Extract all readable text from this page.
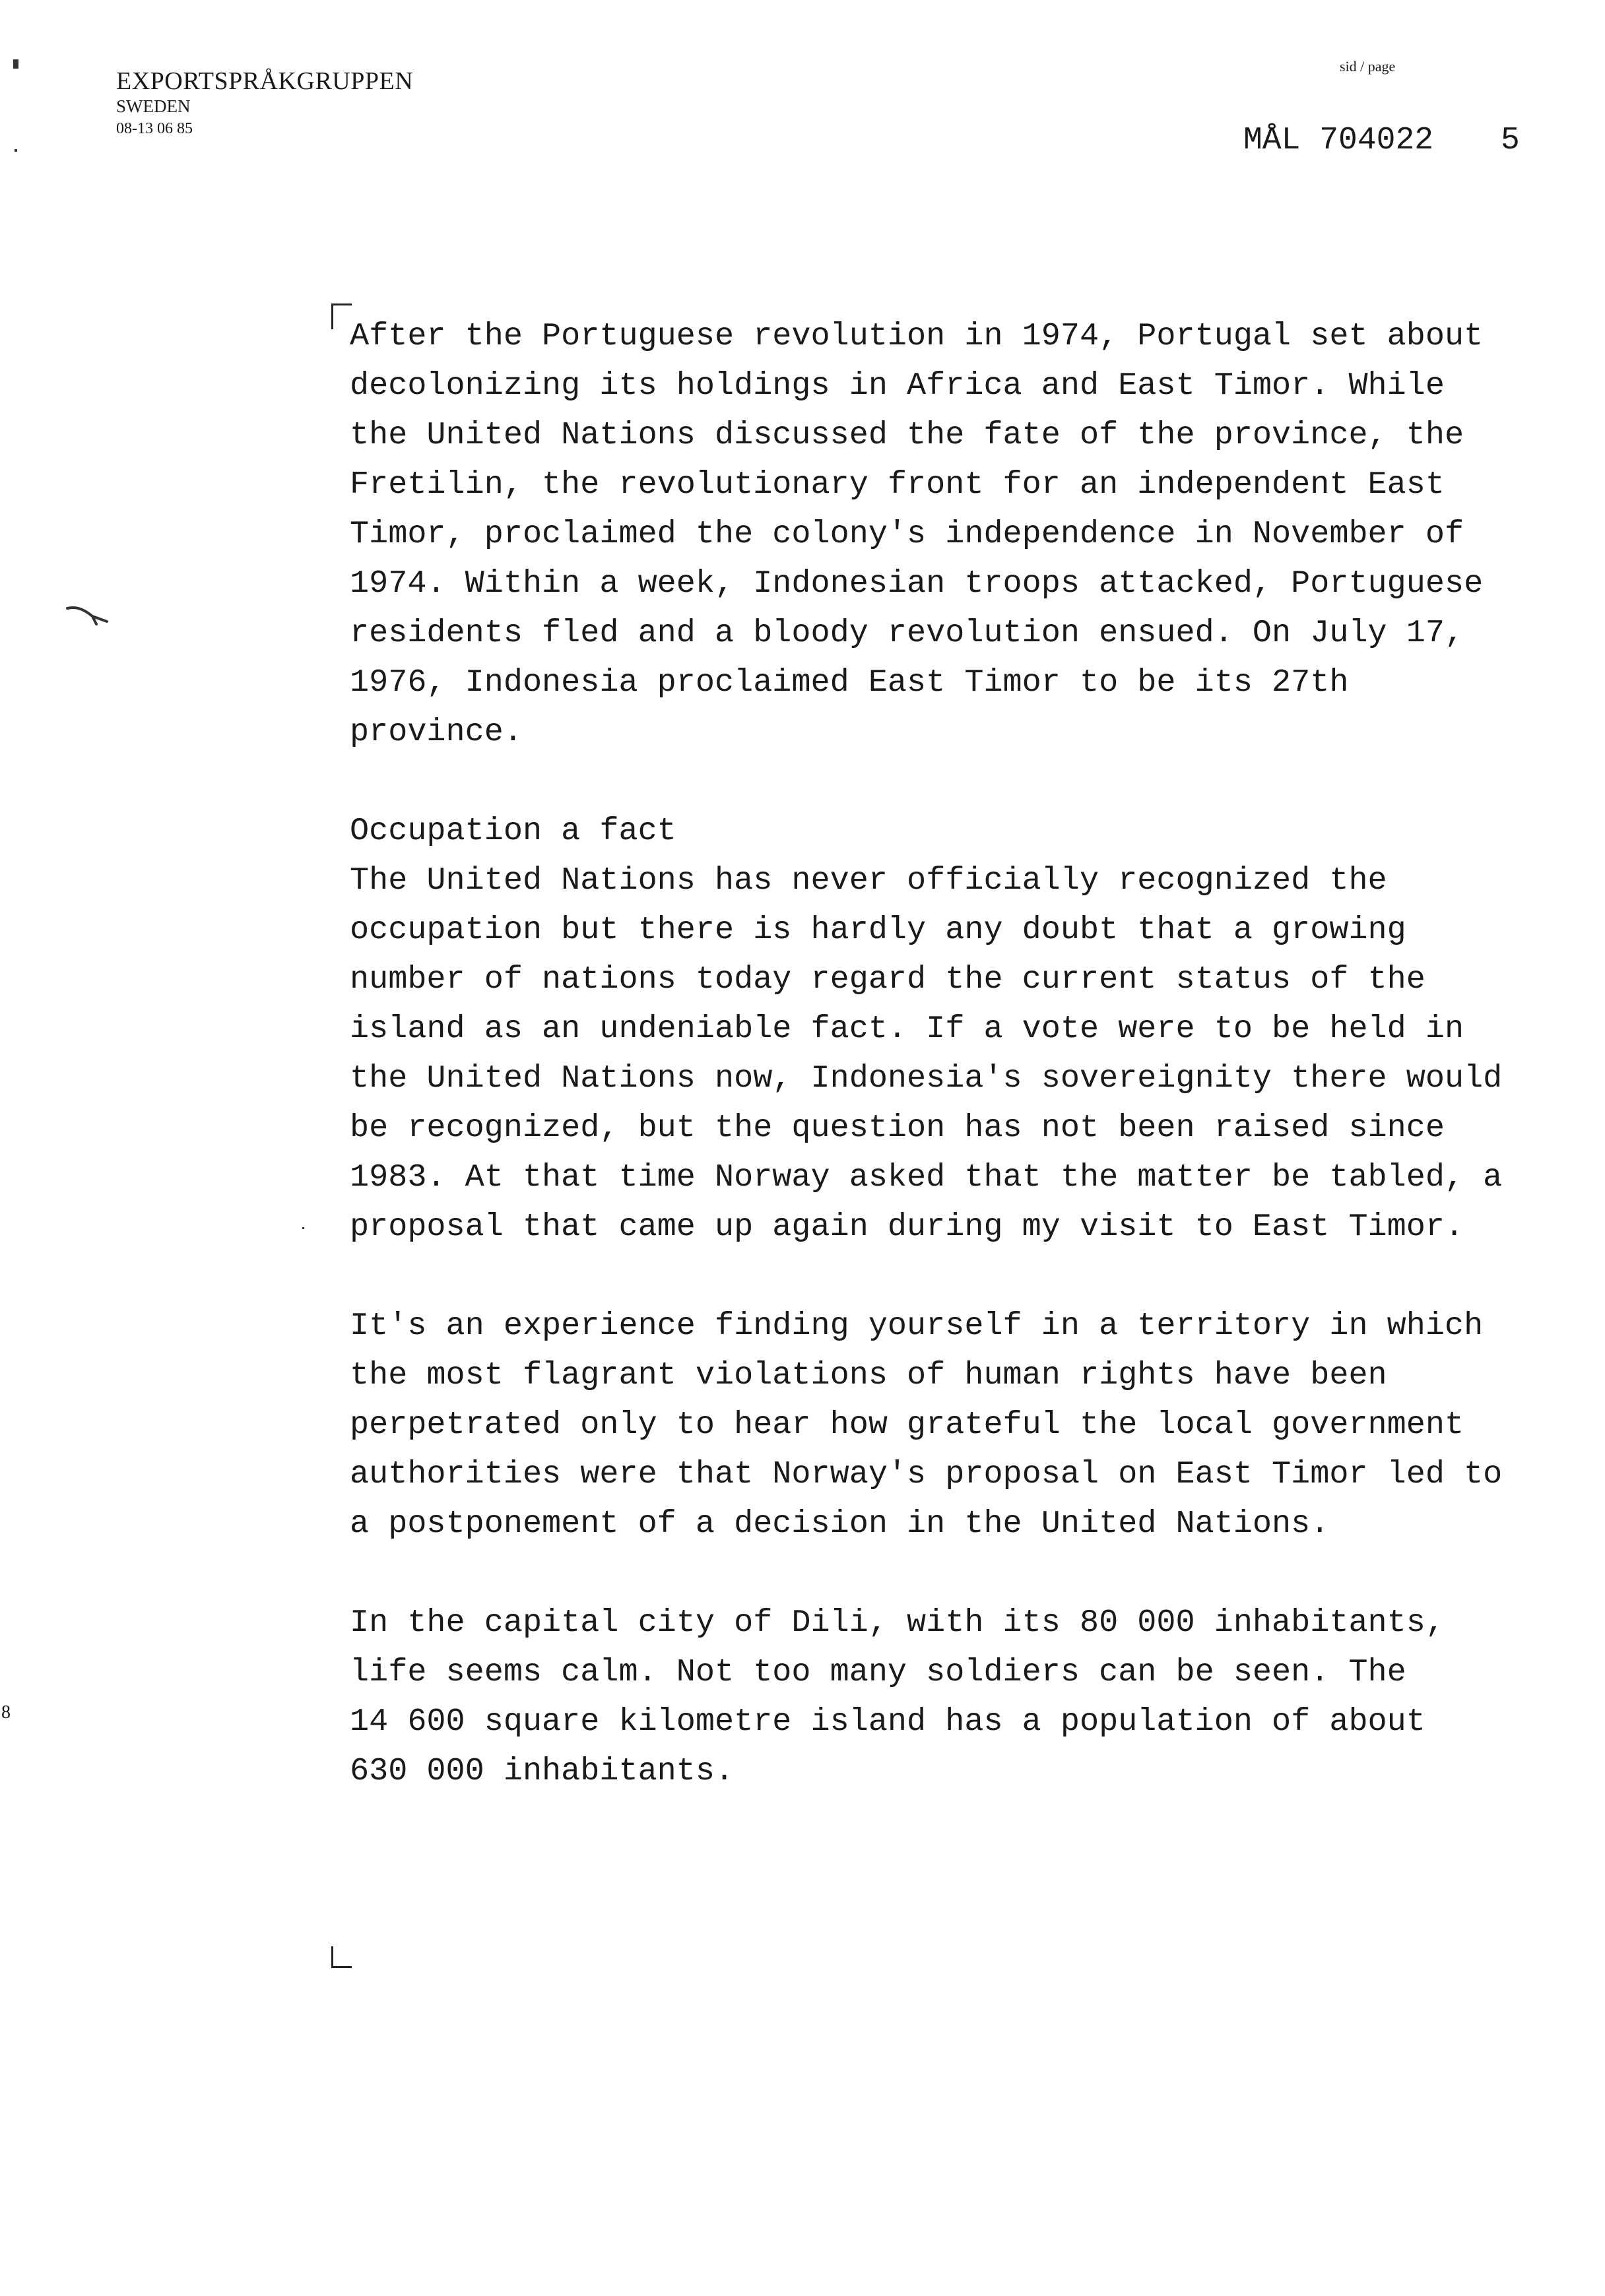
EXPORTSPRÅKGRUPPEN
SWEDEN
08-13 06 85
sid / page
MÅL 704022 5
8

After the Portuguese revolution in 1974, Portugal set about
decolonizing its holdings in Africa and East Timor. While
the United Nations discussed the fate of the province, the
Fretilin, the revolutionary front for an independent East
Timor, proclaimed the colony's independence in November of
1974. Within a week, Indonesian troops attacked, Portuguese
residents fled and a bloody revolution ensued. On July 17,
1976, Indonesia proclaimed East Timor to be its 27th
province.

Occupation a fact

The United Nations has never officially recognized the
occupation but there is hardly any doubt that a growing
number of nations today regard the current status of the
island as an undeniable fact. If a vote were to be held in
the United Nations now, Indonesia's sovereignity there would
be recognized, but the question has not been raised since
1983. At that time Norway asked that the matter be tabled, a
proposal that came up again during my visit to East Timor.

It's an experience finding yourself in a territory in which
the most flagrant violations of human rights have been
perpetrated only to hear how grateful the local government
authorities were that Norway's proposal on East Timor led to
a postponement of a decision in the United Nations.

In the capital city of Dili, with its 80 000 inhabitants,
life seems calm. Not too many soldiers can be seen. The
14 600 square kilometre island has a population of about
630 000 inhabitants.
